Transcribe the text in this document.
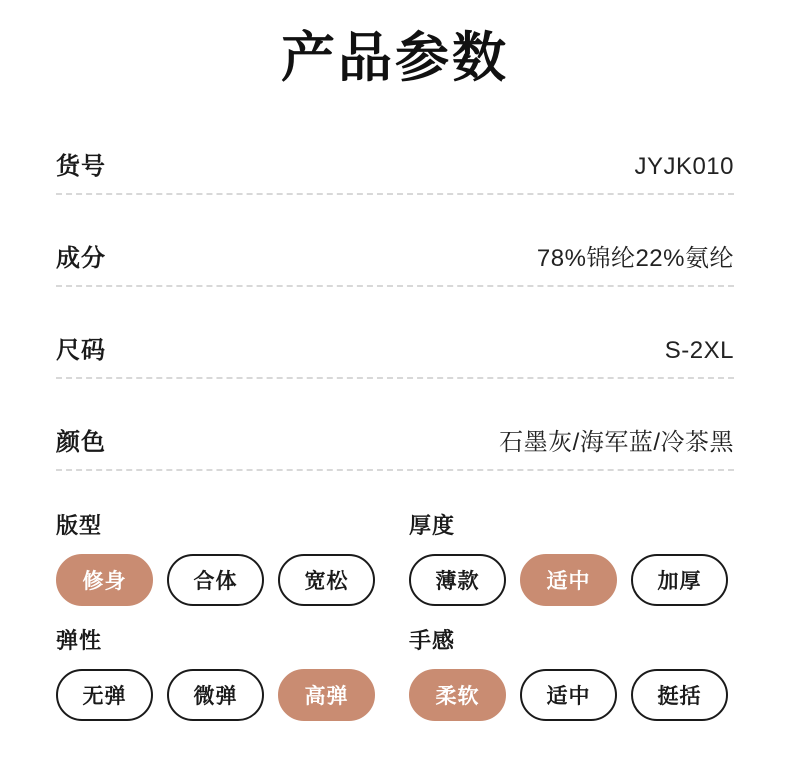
产品参数
货号	JYJK010
成分	78%锦纶22%氨纶
尺码	S-2XL
颜色	石墨灰/海军蓝/冷茶黑
版型
修身	合体	宽松
厚度
薄款	适中	加厚
弹性
无弹	微弹	高弹
手感
柔软	适中	挺括
